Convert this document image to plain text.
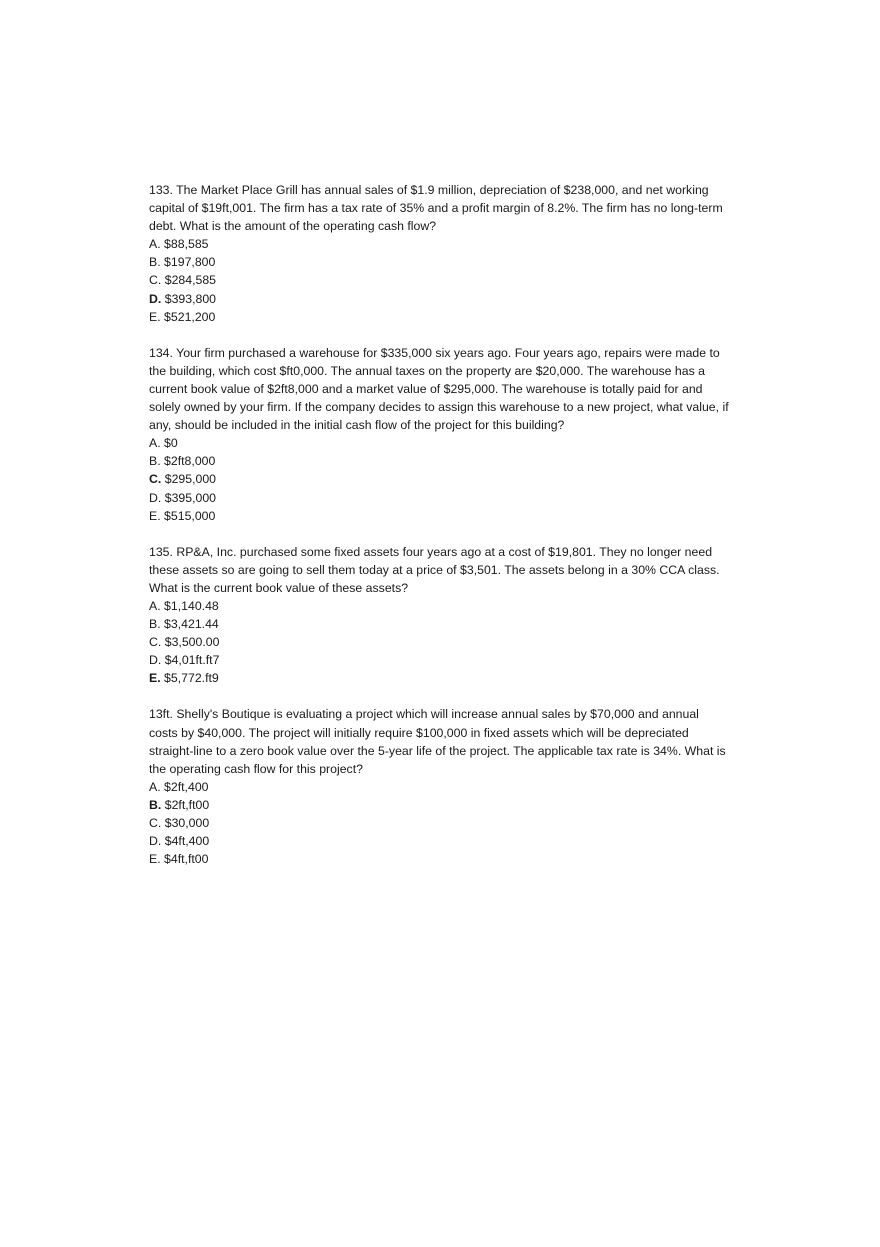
133. The Market Place Grill has annual sales of $1.9 million, depreciation of $238,000, and net working capital of $19ft,001. The firm has a tax rate of 35% and a profit margin of 8.2%. The firm has no long-term debt. What is the amount of the operating cash flow?

A. $88,585
B. $197,800
C. $284,585
D. $393,800
E. $521,200

134. Your firm purchased a warehouse for $335,000 six years ago. Four years ago, repairs were made to the building, which cost $ft0,000. The annual taxes on the property are $20,000. The warehouse has a current book value of $2ft8,000 and a market value of $295,000. The warehouse is totally paid for and solely owned by your firm. If the company decides to assign this warehouse to a new project, what value, if any, should be included in the initial cash flow of the project for this building?

A. $0
B. $2ft8,000
C. $295,000
D. $395,000
E. $515,000

135. RP&A, Inc. purchased some fixed assets four years ago at a cost of $19,801. They no longer need these assets so are going to sell them today at a price of $3,501. The assets belong in a 30% CCA class. What is the current book value of these assets?

A. $1,140.48
B. $3,421.44
C. $3,500.00
D. $4,01ft.ft7
E. $5,772.ft9

13ft. Shelly's Boutique is evaluating a project which will increase annual sales by $70,000 and annual costs by $40,000. The project will initially require $100,000 in fixed assets which will be depreciated straight-line to a zero book value over the 5-year life of the project. The applicable tax rate is 34%. What is the operating cash flow for this project?

A. $2ft,400
B. $2ft,ft00
C. $30,000
D. $4ft,400
E. $4ft,ft00
